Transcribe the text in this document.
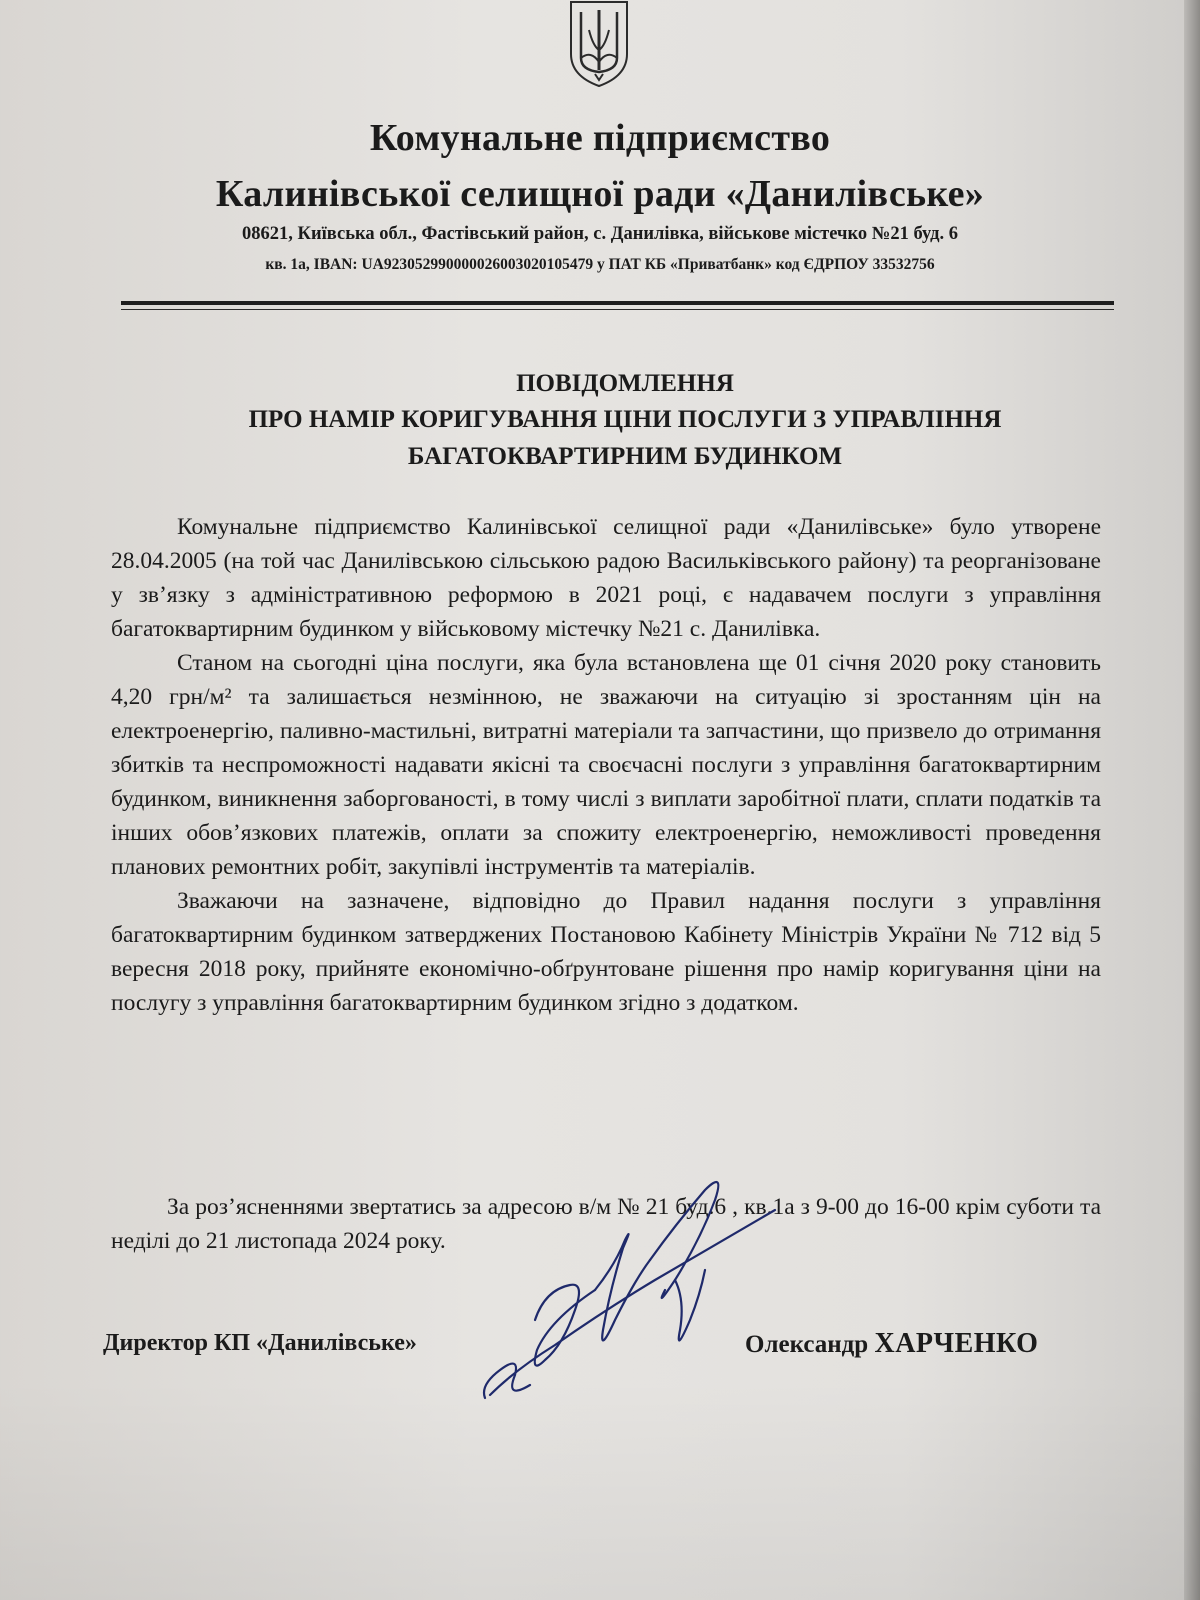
Комунальне підприємство
Калинівської селищної ради «Данилівське»
08621, Київська обл., Фастівський район, с. Данилівка, військове містечко №21 буд. 6
кв. 1а, IBAN: UA923052990000026003020105479 у ПАТ КБ «Приватбанк» код ЄДРПОУ 33532756
ПОВІДОМЛЕННЯ
ПРО НАМІР КОРИГУВАННЯ ЦІНИ ПОСЛУГИ З УПРАВЛІННЯ
БАГАТОКВАРТИРНИМ БУДИНКОМ

Комунальне підприємство Калинівської селищної ради «Данилівське» було утворене 28.04.2005 (на той час Данилівською сільською радою Васильківського району) та реорганізоване у зв’язку з адміністративною реформою в 2021 році, є надавачем послуги з управління багатоквартирним будинком у військовому містечку №21 с. Данилівка.

Станом на сьогодні ціна послуги, яка була встановлена ще 01 січня 2020 року становить 4,20 грн/м² та залишається незмінною, не зважаючи на ситуацію зі зростанням цін на електроенергію, паливно-мастильні, витратні матеріали та запчастини, що призвело до отримання збитків та неспроможності надавати якісні та своєчасні послуги з управління багатоквартирним будинком, виникнення заборгованості, в тому числі з виплати заробітної плати, сплати податків та інших обов’язкових платежів, оплати за спожиту електроенергію, неможливості проведення планових ремонтних робіт, закупівлі інструментів та матеріалів.

Зважаючи на зазначене, відповідно до Правил надання послуги з управління багатоквартирним будинком затверджених Постановою Кабінету Міністрів України № 712 від 5 вересня 2018 року, прийняте економічно-обґрунтоване рішення про намір коригування ціни на послугу з управління багатоквартирним будинком згідно з додатком.

За роз’ясненнями звертатись за адресою в/м № 21 буд.6 , кв.1а з 9-00 до 16-00 крім суботи та неділі до 21 листопада 2024 року.

Директор КП «Данилівське»	Олександр ХАРЧЕНКО
